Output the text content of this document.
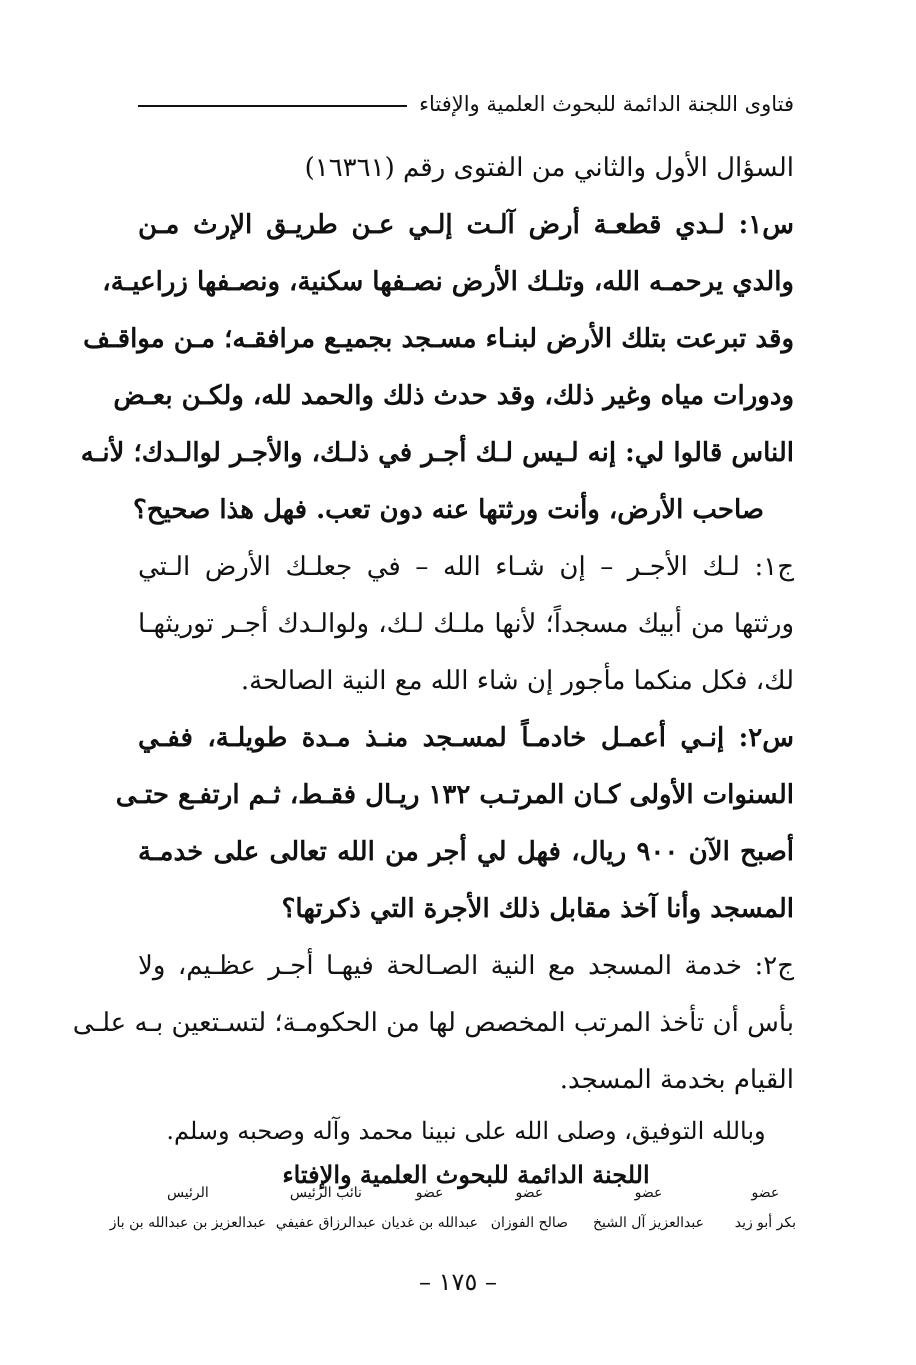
فتاوى اللجنة الدائمة للبحوث العلمية والإفتاء
السؤال الأول والثاني من الفتوى رقم (١٦٣٦١)
س١: لـدي قطعـة أرض آلـت إلـي عـن طريـق الإرث مـن
والدي يرحمـه الله، وتلـك الأرض نصـفها سكنية، ونصـفها زراعيـة،
وقد تبرعت بتلك الأرض لبنـاء مسـجد بجميـع مرافقـه؛ مـن مواقـف
ودورات مياه وغير ذلك، وقد حدث ذلك والحمد لله، ولكـن بعـض
الناس قالوا لي: إنه لـيس لـك أجـر في ذلـك، والأجـر لوالـدك؛ لأنـه
صاحب الأرض، وأنت ورثتها عنه دون تعب. فهل هذا صحيح؟
ج١: لـك الأجـر – إن شـاء الله – في جعلـك الأرض الـتي
ورثتها من أبيك مسجداً؛ لأنها ملـك لـك، ولوالـدك أجـر توريثهـا
لك، فكل منكما مأجور إن شاء الله مع النية الصالحة.
س٢: إنـي أعمـل خادمـاً لمسـجد منـذ مـدة طويلـة، ففـي
السنوات الأولى كـان المرتـب ١٣٢ ريـال فقـط، ثـم ارتفـع حتـى
أصبح الآن ٩٠٠ ريال، فهل لي أجر من الله تعالى على خدمـة
المسجد وأنا آخذ مقابل ذلك الأجرة التي ذكرتها؟
ج٢: خدمة المسجد مع النية الصـالحة فيهـا أجـر عظـيم، ولا
بأس أن تأخذ المرتب المخصص لها من الحكومـة؛ لتسـتعين بـه علـى
القيام بخدمة المسجد.
وبالله التوفيق، وصلى الله على نبينا محمد وآله وصحبه وسلم.
اللجنة الدائمة للبحوث العلمية والإفتاء
عضو
بكر أبو زيد
عضو
عبدالعزيز آل الشيخ
عضو
صالح الفوزان
عضو
عبدالله بن غديان
نائب الرئيس
عبدالرزاق عفيفي
الرئيس
عبدالعزيز بن عبدالله بن باز
– ١٧٥ –
